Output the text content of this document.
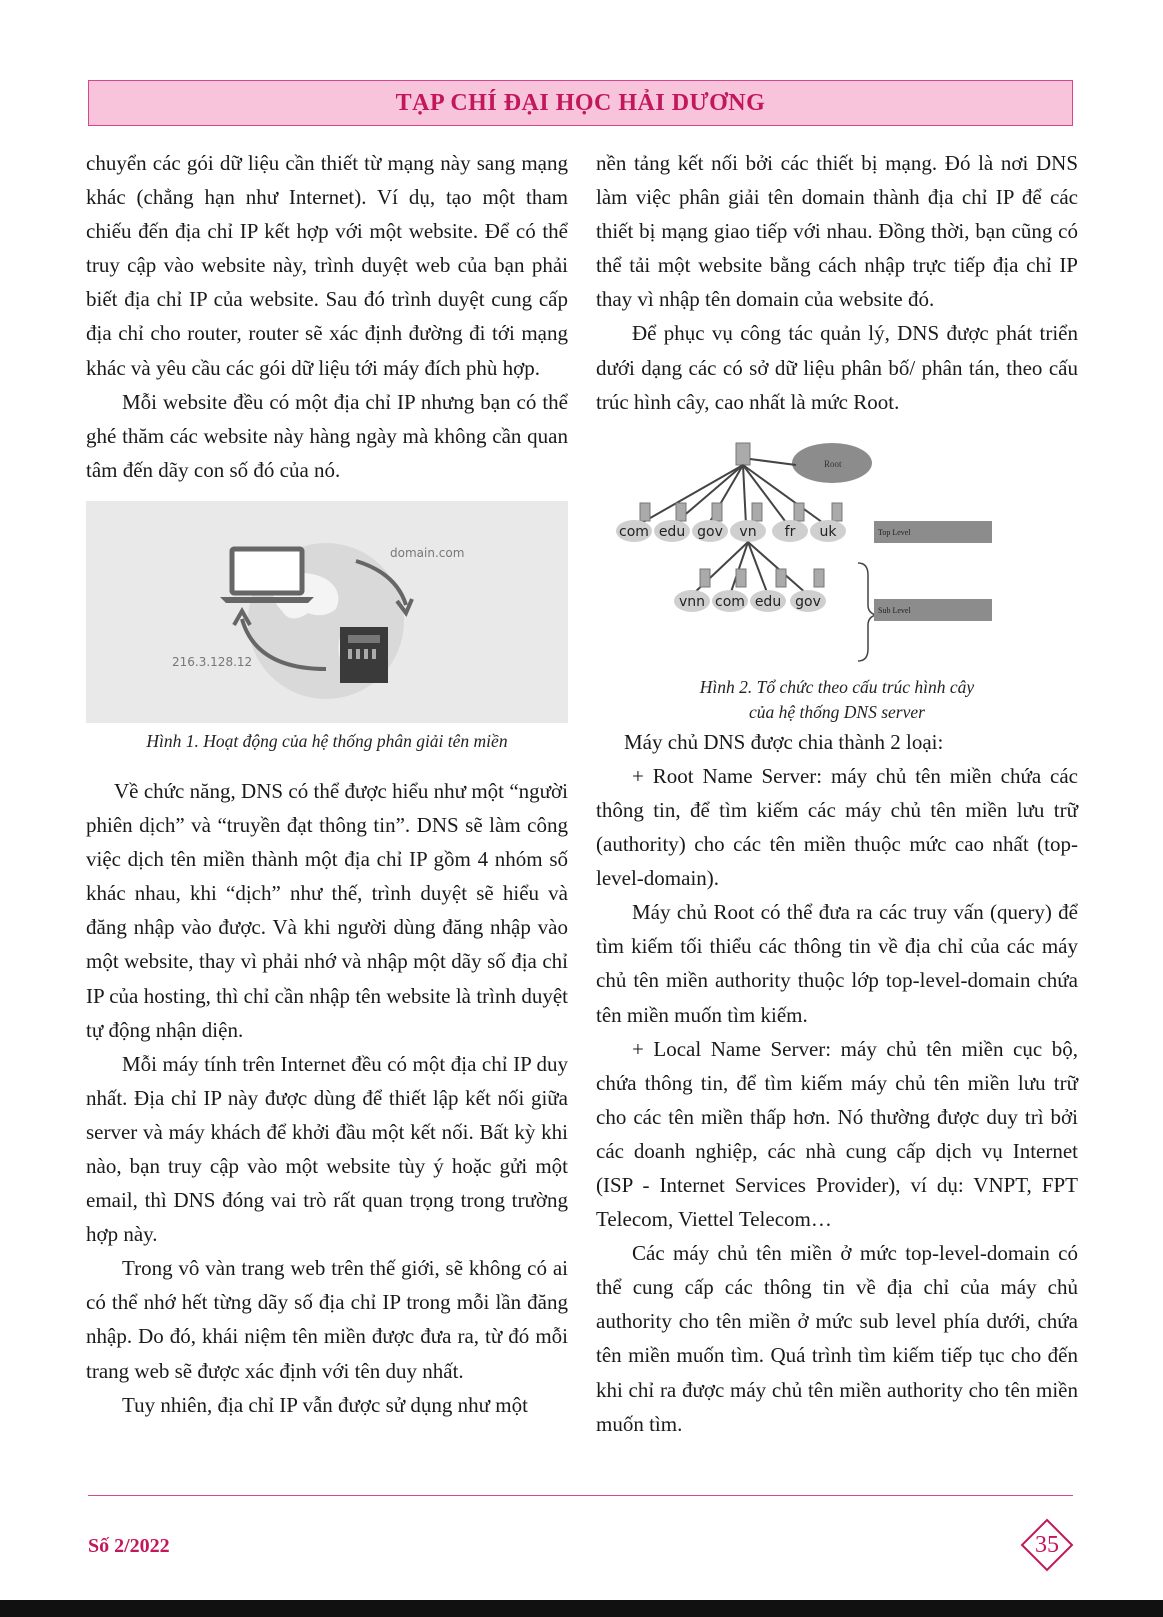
TẠP CHÍ ĐẠI HỌC HẢI DƯƠNG

chuyển các gói dữ liệu cần thiết từ mạng này sang mạng khác (chẳng hạn như Internet). Ví dụ, tạo một tham chiếu đến địa chỉ IP kết hợp với một website. Để có thể truy cập vào website này, trình duyệt web của bạn phải biết địa chỉ IP của website. Sau đó trình duyệt cung cấp địa chỉ cho router, router sẽ xác định đường đi tới mạng khác và yêu cầu các gói dữ liệu tới máy đích phù hợp.

Mỗi website đều có một địa chỉ IP nhưng bạn có thể ghé thăm các website này hàng ngày mà không cần quan tâm đến dãy con số đó của nó.

domain.com
216.3.128.12
Hình 1. Hoạt động của hệ thống phân giải tên miền

Về chức năng, DNS có thể được hiểu như một “người phiên dịch” và “truyền đạt thông tin”. DNS sẽ làm công việc dịch tên miền thành một địa chỉ IP gồm 4 nhóm số khác nhau, khi “dịch” như thế, trình duyệt sẽ hiểu và đăng nhập vào được. Và khi người dùng đăng nhập vào một website, thay vì phải nhớ và nhập một dãy số địa chỉ IP của hosting, thì chỉ cần nhập tên website là trình duyệt tự động nhận diện.

Mỗi máy tính trên Internet đều có một địa chỉ IP duy nhất. Địa chỉ IP này được dùng để thiết lập kết nối giữa server và máy khách để khởi đầu một kết nối. Bất kỳ khi nào, bạn truy cập vào một website tùy ý hoặc gửi một email, thì DNS đóng vai trò rất quan trọng trong trường hợp này.

Trong vô vàn trang web trên thế giới, sẽ không có ai có thể nhớ hết từng dãy số địa chỉ IP trong mỗi lần đăng nhập. Do đó, khái niệm tên miền được đưa ra, từ đó mỗi trang web sẽ được xác định với tên duy nhất.

Tuy nhiên, địa chỉ IP vẫn được sử dụng như một

nền tảng kết nối bởi các thiết bị mạng. Đó là nơi DNS làm việc phân giải tên domain thành địa chỉ IP để các thiết bị mạng giao tiếp với nhau. Đồng thời, bạn cũng có thể tải một website bằng cách nhập trực tiếp địa chỉ IP thay vì nhập tên domain của website đó.

Để phục vụ công tác quản lý, DNS được phát triển dưới dạng các có sở dữ liệu phân bố/ phân tán, theo cấu trúc hình cây, cao nhất là mức Root.

Root
com edu gov vn fr uk	Top Level
vnn com edu gov
Sub Level
Hình 2. Tổ chức theo cấu trúc hình cây
của hệ thống DNS server

Máy chủ DNS được chia thành 2 loại:

+ Root Name Server: máy chủ tên miền chứa các thông tin, để tìm kiếm các máy chủ tên miền lưu trữ (authority) cho các tên miền thuộc mức cao nhất (top-level-domain).

Máy chủ Root có thể đưa ra các truy vấn (query) để tìm kiếm tối thiểu các thông tin về địa chỉ của các máy chủ tên miền authority thuộc lớp top-level-domain chứa tên miền muốn tìm kiếm.

+ Local Name Server: máy chủ tên miền cục bộ, chứa thông tin, để tìm kiếm máy chủ tên miền lưu trữ cho các tên miền thấp hơn. Nó thường được duy trì bởi các doanh nghiệp, các nhà cung cấp dịch vụ Internet (ISP - Internet Services Provider), ví dụ: VNPT, FPT Telecom, Viettel Telecom…

Các máy chủ tên miền ở mức top-level-domain có thể cung cấp các thông tin về địa chỉ của máy chủ authority cho tên miền ở mức sub level phía dưới, chứa tên miền muốn tìm. Quá trình tìm kiếm tiếp tục cho đến khi chỉ ra được máy chủ tên miền authority cho tên miền muốn tìm.

Số 2/2022	35
